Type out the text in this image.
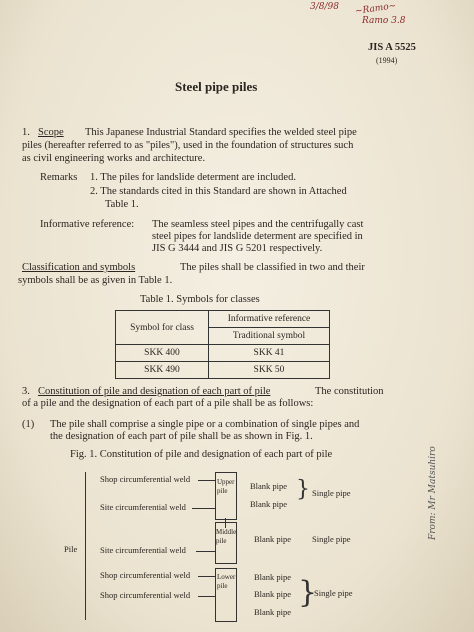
3/8/98 ~Ramo~
Ramo 3.8
From: Mr Matsuhiro
JIS A 5525
(1994)
Steel pipe piles
1. Scope This Japanese Industrial Standard specifies the welded steel pipe
piles (hereafter referred to as "piles"), used in the foundation of structures such
as civil engineering works and architecture.
Remarks 1. The piles for landslide determent are included.
2. The standards cited in this Standard are shown in Attached
Table 1.
Informative reference: The seamless steel pipes and the centrifugally cast
steel pipes for landslide determent are specified in
JIS G 3444 and JIS G 5201 respectively.
Classification and symbols	The piles shall be classified in two and their
symbols shall be as given in Table 1.
Table 1. Symbols for classes
Symbol for class	Informative reference
	Traditional symbol
SKK 400	SKK 41
SKK 490	SKK 50
3. Constitution of pile and designation of each part of pile	The constitution
of a pile and the designation of each part of a pile shall be as follows:
(1) The pile shall comprise a single pipe or a combination of single pipes and
the designation of each part of pile shall be as shown in Fig. 1.
Fig. 1. Constitution of pile and designation of each part of pile
Upper pile
Middle pile
Lower pile
Shop circumferential weld
Site circumferential weld
Pile	Site circumferential weld
Shop circumferential weld
Shop circumferential weld
Blank pipe
Blank pipe
} Single pipe
Blank pipe Single pipe
Blank pipe
Blank pipe
Blank pipe
}
Single pipe
